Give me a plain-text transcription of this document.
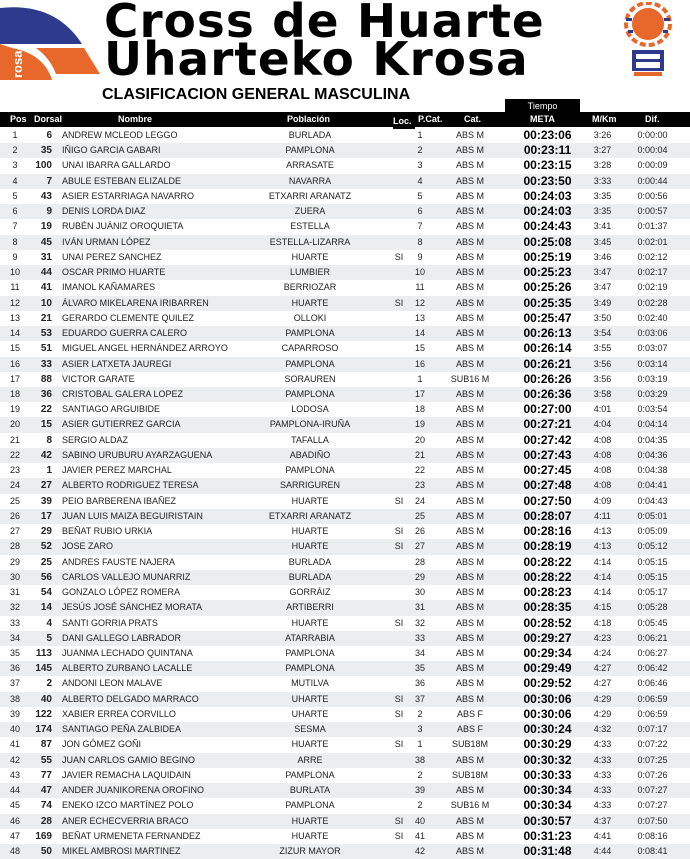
rosa
Cross de Huarte
Uharteko Krosa
CLASIFICACION GENERAL MASCULINA
Tiempo
Pos Dorsal	Nombre	Población	Loc. P.Cat. Cat.	META	M/Km	Dif.
1	6 ANDREW MCLEOD LEGGO	BURLADA	1	ABS M	00:23:06	3:26	0:00:00
2	35 IÑIGO GARCIA GABARI	PAMPLONA	2	ABS M	00:23:11	3:27	0:00:04
3	100 UNAI IBARRA GALLARDO	ARRASATE	3	ABS M	00:23:15	3:28	0:00:09
4	7 ABULE ESTEBAN ELIZALDE	NAVARRA	4	ABS M	00:23:50	3:33	0:00:44
5	43 ASIER ESTARRIAGA NAVARRO	ETXARRI ARANATZ	5	ABS M	00:24:03	3:35	0:00:56
6	9 DENIS LORDA DIAZ	ZUERA	6	ABS M	00:24:03	3:35	0:00:57
7	19 RUBÉN JUÁNIZ OROQUIETA	ESTELLA	7	ABS M	00:24:43	3:41	0:01:37
8	45 IVÁN URMAN LÓPEZ	ESTELLA-LIZARRA	8	ABS M	00:25:08	3:45	0:02:01
9	31 UNAI PEREZ SANCHEZ	HUARTE	SI	9	ABS M	00:25:19	3:46	0:02:12
10	44 OSCAR PRIMO HUARTE	LUMBIER	10	ABS M	00:25:23	3:47	0:02:17
11	41 IMANOL KAÑAMARES	BERRIOZAR	11	ABS M	00:25:26	3:47	0:02:19
12	10 ÁLVARO MIKELARENA IRIBARREN	HUARTE	SI	12	ABS M	00:25:35	3:49	0:02:28
13	21 GERARDO CLEMENTE QUILEZ	OLLOKI	13	ABS M	00:25:47	3:50	0:02:40
14	53 EDUARDO GUERRA CALERO	PAMPLONA	14	ABS M	00:26:13	3:54	0:03:06
15	51 MIGUEL ANGEL HERNÁNDEZ ARROYO	CAPARROSO	15	ABS M	00:26:14	3:55	0:03:07
16	33 ASIER LATXETA JAUREGI	PAMPLONA	16	ABS M	00:26:21	3:56	0:03:14
17	88 VICTOR GARATE	SORAUREN	1	SUB16 M	00:26:26	3:56	0:03:19
18	36 CRISTOBAL GALERA LOPEZ	PAMPLONA	17	ABS M	00:26:36	3:58	0:03:29
19	22 SANTIAGO ARGUIBIDE	LODOSA	18	ABS M	00:27:00	4:01	0:03:54
20	15 ASIER GUTIERREZ GARCIA	PAMPLONA-IRUÑA	19	ABS M	00:27:21	4:04	0:04:14
21	8 SERGIO ALDAZ	TAFALLA	20	ABS M	00:27:42	4:08	0:04:35
22	42 SABINO URUBURU AYARZAGUENA	ABADIÑO	21	ABS M	00:27:43	4:08	0:04:36
23	1 JAVIER PEREZ MARCHAL	PAMPLONA	22	ABS M	00:27:45	4:08	0:04:38
24	27 ALBERTO RODRIGUEZ TERESA	SARRIGUREN	23	ABS M	00:27:48	4:08	0:04:41
25	39 PEIO BARBERENA IBAÑEZ	HUARTE	SI	24	ABS M	00:27:50	4:09	0:04:43
26	17 JUAN LUIS MAIZA BEGUIRISTAIN	ETXARRI ARANATZ	25	ABS M	00:28:07	4:11	0:05:01
27	29 BEÑAT RUBIO URKIA	HUARTE	SI	26	ABS M	00:28:16	4:13	0:05:09
28	52 JOSE ZARO	HUARTE	SI	27	ABS M	00:28:19	4:13	0:05:12
29	25 ANDRES FAUSTE NAJERA	BURLADA	28	ABS M	00:28:22	4:14	0:05:15
30	56 CARLOS VALLEJO MUNARRIZ	BURLADA	29	ABS M	00:28:22	4:14	0:05:15
31	54 GONZALO LÓPEZ ROMERA	GORRÁIZ	30	ABS M	00:28:23	4:14	0:05:17
32	14 JESÚS JOSÉ SÁNCHEZ MORATA	ARTIBERRI	31	ABS M	00:28:35	4:15	0:05:28
33	4 SANTI GORRIA PRATS	HUARTE	SI	32	ABS M	00:28:52	4:18	0:05:45
34	5 DANI GALLEGO LABRADOR	ATARRABIA	33	ABS M	00:29:27	4:23	0:06:21
35	113 JUANMA LECHADO QUINTANA	PAMPLONA	34	ABS M	00:29:34	4:24	0:06:27
36	145 ALBERTO ZURBANO LACALLE	PAMPLONA	35	ABS M	00:29:49	4:27	0:06:42
37	2 ANDONI LEON MALAVE	MUTILVA	36	ABS M	00:29:52	4:27	0:06:46
38	40 ALBERTO DELGADO MARRACO	UHARTE	SI	37	ABS M	00:30:06	4:29	0:06:59
39	122 XABIER ERREA CORVILLO	UHARTE	SI	2	ABS F	00:30:06	4:29	0:06:59
40	174 SANTIAGO PEÑA ZALBIDEA	SESMA	3	ABS F	00:30:24	4:32	0:07:17
41	87 JON GÓMEZ GOÑI	HUARTE	SI	1	SUB18M	00:30:29	4:33	0:07:22
42	55 JUAN CARLOS GAMIO BEGINO	ARRE	38	ABS M	00:30:32	4:33	0:07:25
43	77 JAVIER REMACHA LAQUIDAIN	PAMPLONA	2	SUB18M	00:30:33	4:33	0:07:26
44	47 ANDER JUANIKORENA OROFINO	BURLATA	39	ABS M	00:30:34	4:33	0:07:27
45	74 ENEKO IZCO MARTÍNEZ POLO	PAMPLONA	2	SUB16 M	00:30:34	4:33	0:07:27
46	28 ANER ECHECVERRIA BRACO	HUARTE	SI	40	ABS M	00:30:57	4:37	0:07:50
47	169 BEÑAT URMENETA FERNANDEZ	HUARTE	SI	41	ABS M	00:31:23	4:41	0:08:16
48	50 MIKEL AMBROSI MARTINEZ	ZIZUR MAYOR	42	ABS M	00:31:48	4:44	0:08:41
